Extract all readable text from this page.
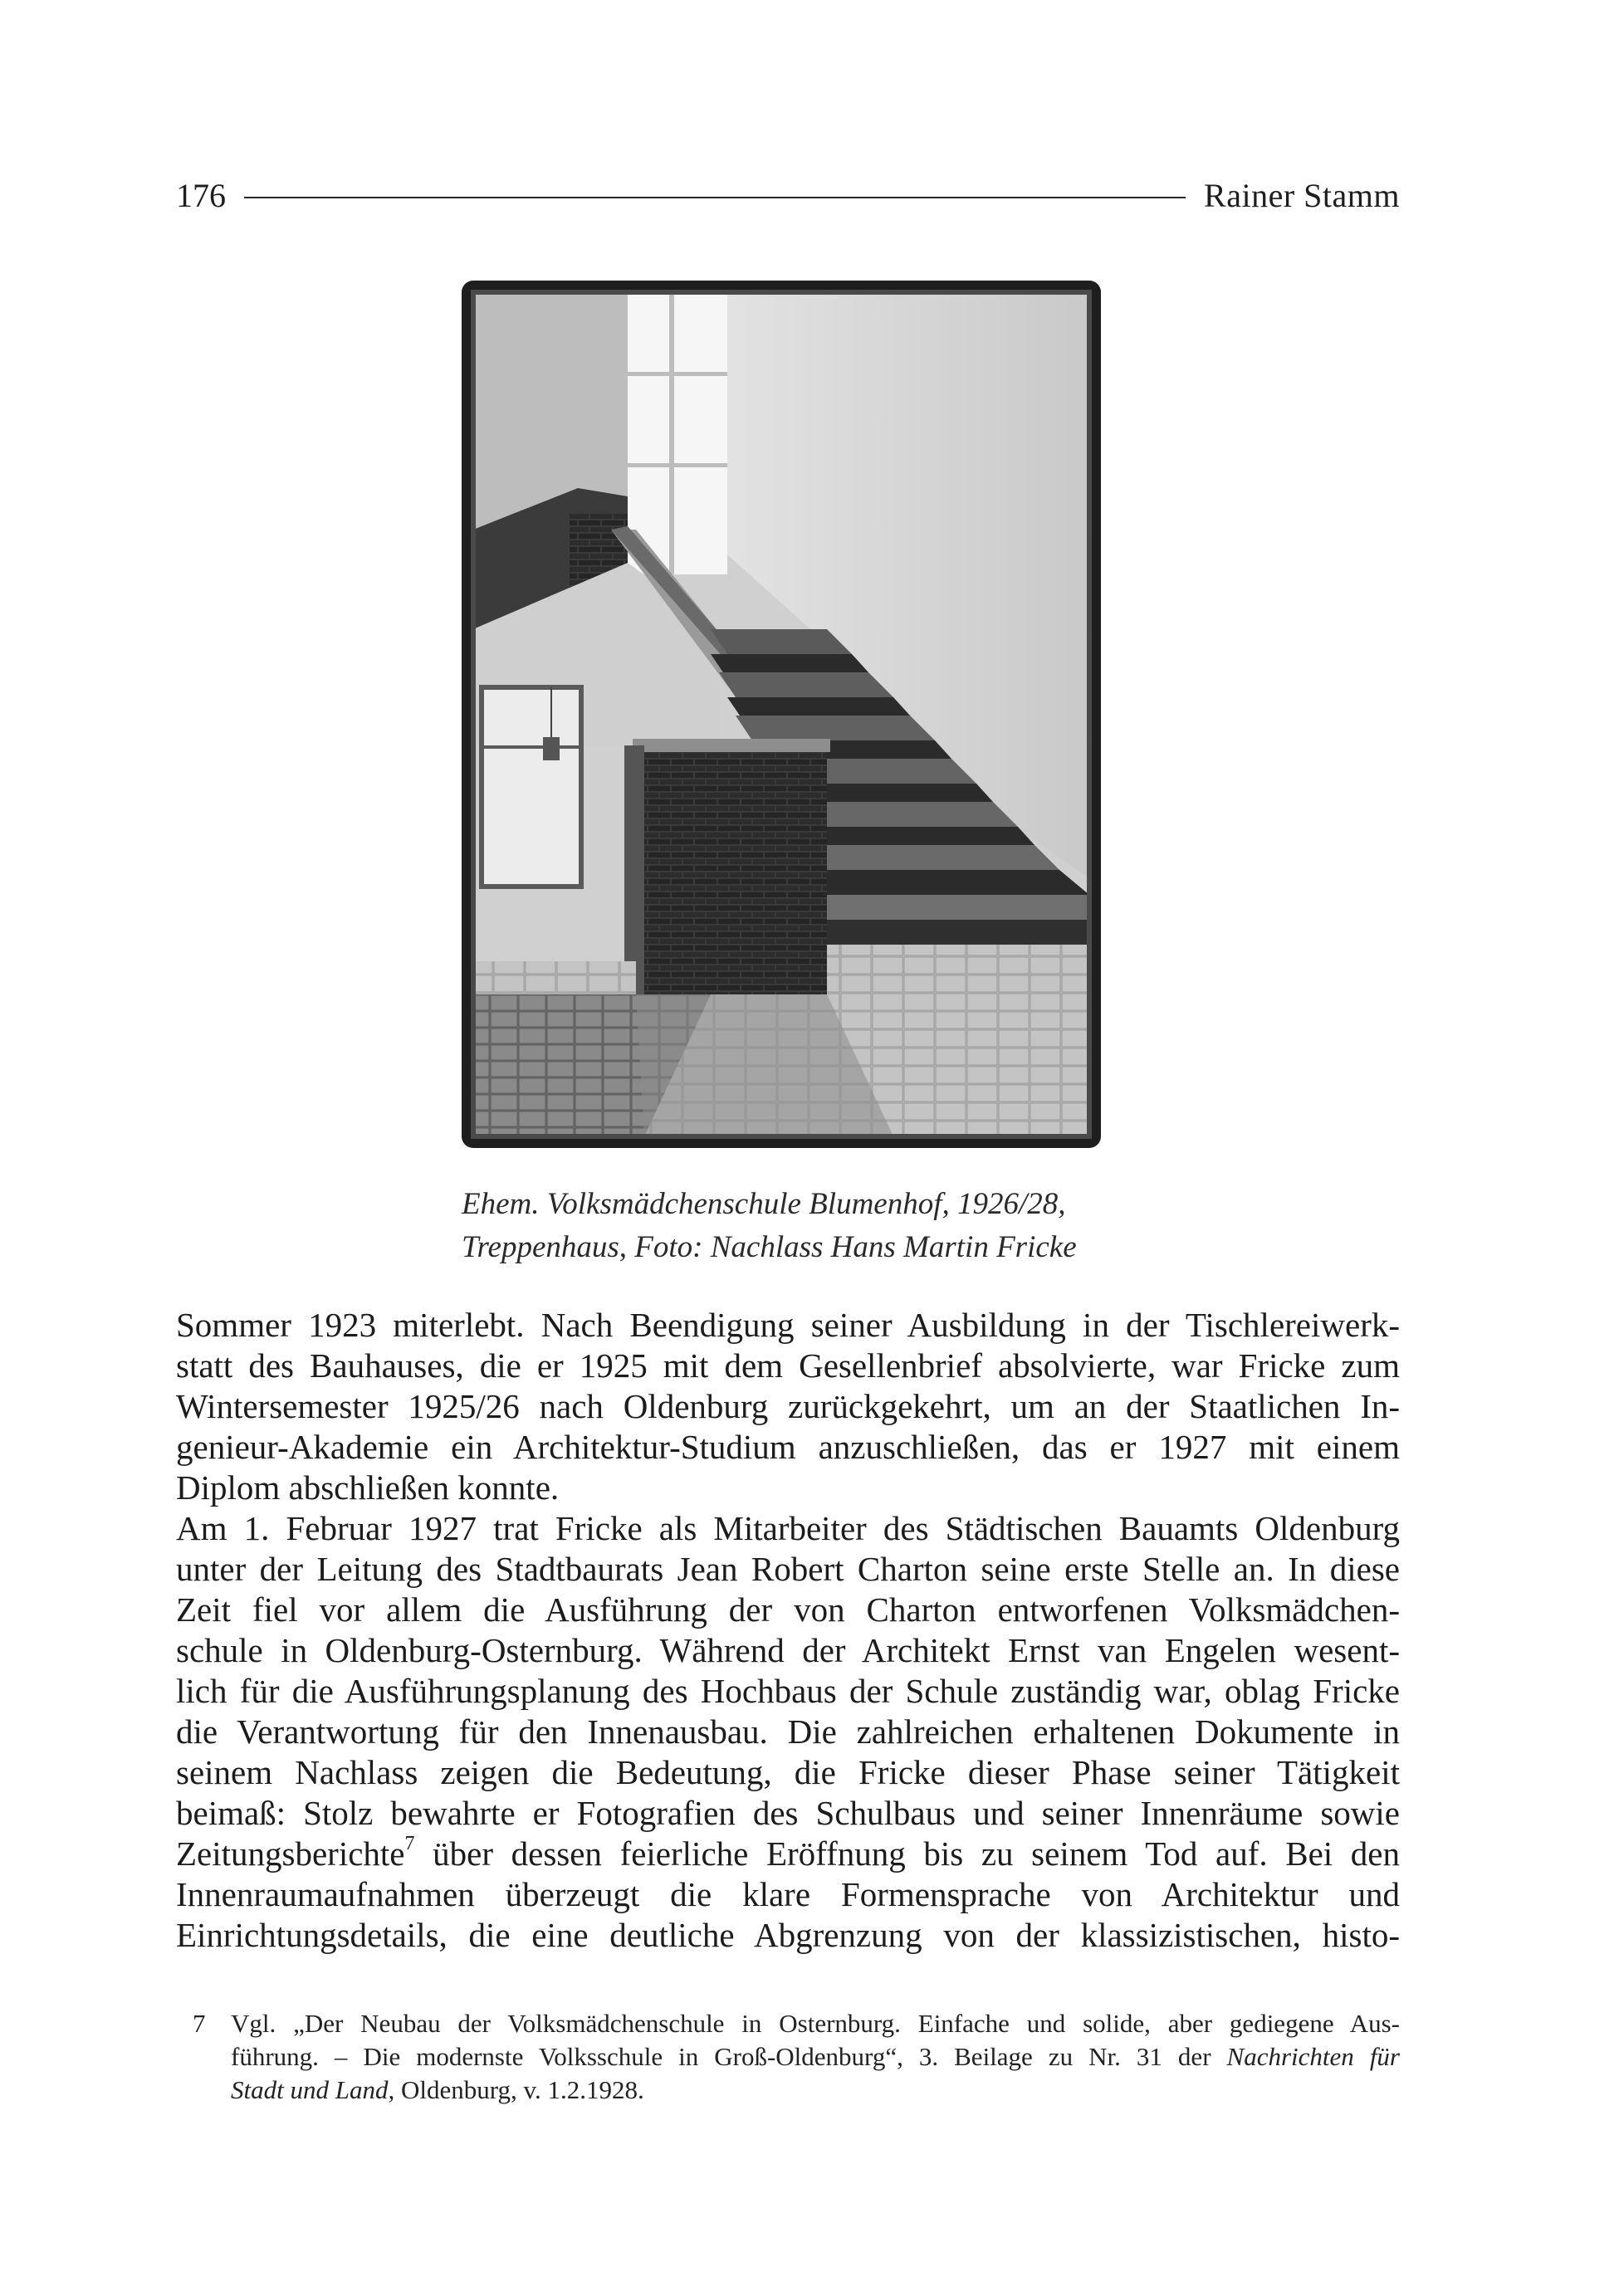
176	Rainer Stamm
Ehem. Volksmädchenschule Blumenhof, 1926/28,
Treppenhaus, Foto: Nachlass Hans Martin Fricke
Sommer 1923 miterlebt. Nach Beendigung seiner Ausbildung in der Tischlereiwerk-
statt des Bauhauses, die er 1925 mit dem Gesellenbrief absolvierte, war Fricke zum
Wintersemester 1925/26 nach Oldenburg zurückgekehrt, um an der Staatlichen In-
genieur-Akademie ein Architektur-Studium anzuschließen, das er 1927 mit einem
Diplom abschließen konnte.
Am 1. Februar 1927 trat Fricke als Mitarbeiter des Städtischen Bauamts Oldenburg
unter der Leitung des Stadtbaurats Jean Robert Charton seine erste Stelle an. In diese
Zeit fiel vor allem die Ausführung der von Charton entworfenen Volksmädchen-
schule in Oldenburg-Osternburg. Während der Architekt Ernst van Engelen wesent-
lich für die Ausführungsplanung des Hochbaus der Schule zuständig war, oblag Fricke
die Verantwortung für den Innenausbau. Die zahlreichen erhaltenen Dokumente in
seinem Nachlass zeigen die Bedeutung, die Fricke dieser Phase seiner Tätigkeit
beimaß: Stolz bewahrte er Fotografien des Schulbaus und seiner Innenräume sowie
Zeitungsberichte$^7$ über dessen feierliche Eröffnung bis zu seinem Tod auf. Bei den
Innenraumaufnahmen überzeugt die klare Formensprache von Architektur und
Einrichtungsdetails, die eine deutliche Abgrenzung von der klassizistischen, histo-
7 Vgl. „Der Neubau der Volksmädchenschule in Osternburg. Einfache und solide, aber gediegene Aus-
führung. – Die modernste Volksschule in Groß-Oldenburg“, 3. Beilage zu Nr. 31 der Nachrichten für
Stadt und Land, Oldenburg, v. 1.2.1928.
